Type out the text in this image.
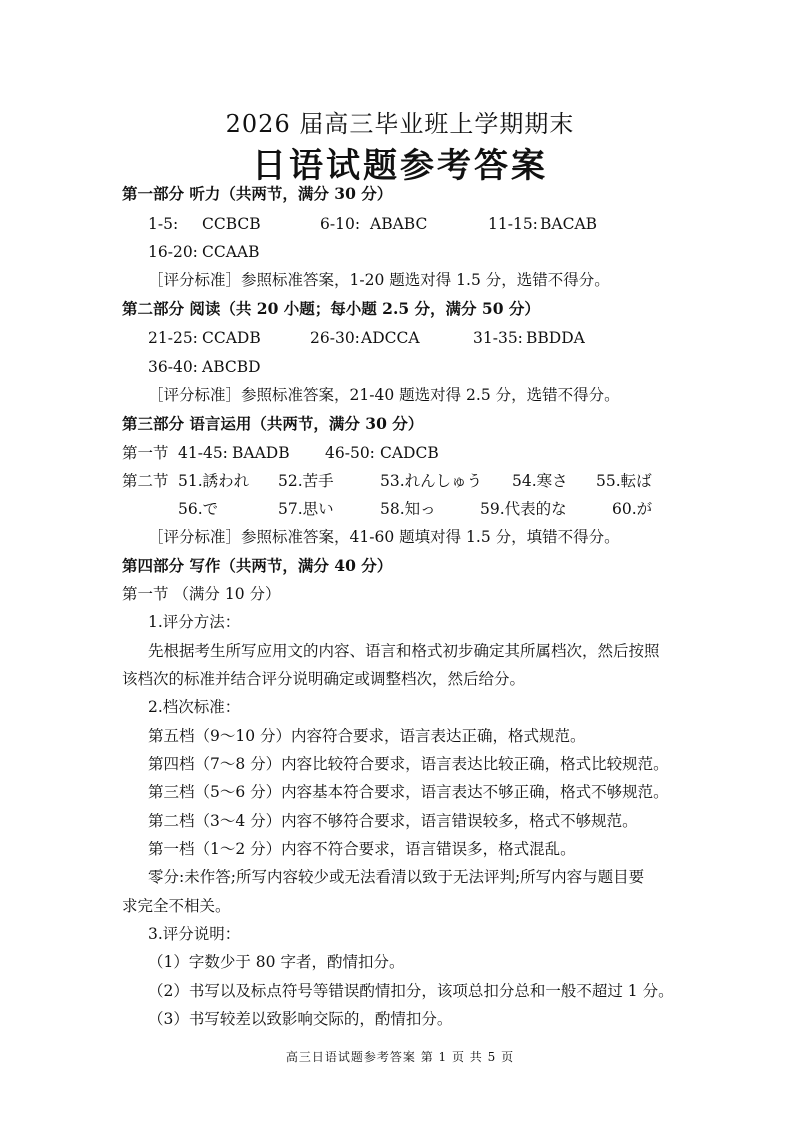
2026 届高三毕业班上学期期末
日语试题参考答案
第一部分 听力（共两节，满分 30 分）
1-5: CCBCB	6-10: ABABC	11-15: BACAB
16-20: CCAAB
［评分标准］参照标准答案，1-20 题选对得 1.5 分，选错不得分。
第二部分 阅读（共 20 小题；每小题 2.5 分，满分 50 分）
21-25: CCADB	26-30: ADCCA	31-35: BBDDA
36-40: ABCBD
［评分标准］参照标准答案，21-40 题选对得 2.5 分，选错不得分。
第三部分 语言运用（共两节，满分 30 分）
第一节 41-45: BAADB 46-50: CADCB
第二节 51.誘われ 52.苦手	53.れんしゅう 54.寒さ 55.転ば
56.で	57.思い	58.知っ	59.代表的な	60.が
［评分标准］参照标准答案，41-60 题填对得 1.5 分，填错不得分。
第四部分 写作（共两节，满分 40 分）
第一节 （满分 10 分）
1.评分方法：
先根据考生所写应用文的内容、语言和格式初步确定其所属档次，然后按照
该档次的标准并结合评分说明确定或调整档次，然后给分。
2.档次标准：
第五档（9～10 分）内容符合要求，语言表达正确，格式规范。
第四档（7～8 分）内容比较符合要求，语言表达比较正确，格式比较规范。
第三档（5～6 分）内容基本符合要求，语言表达不够正确，格式不够规范。
第二档（3～4 分）内容不够符合要求，语言错误较多，格式不够规范。
第一档（1～2 分）内容不符合要求，语言错误多，格式混乱。
零分:未作答;所写内容较少或无法看清以致于无法评判;所写内容与题目要
求完全不相关。
3.评分说明：
（1）字数少于 80 字者，酌情扣分。
（2）书写以及标点符号等错误酌情扣分，该项总扣分总和一般不超过 1 分。
（3）书写较差以致影响交际的，酌情扣分。
高三日语试题参考答案 第 1 页 共 5 页
